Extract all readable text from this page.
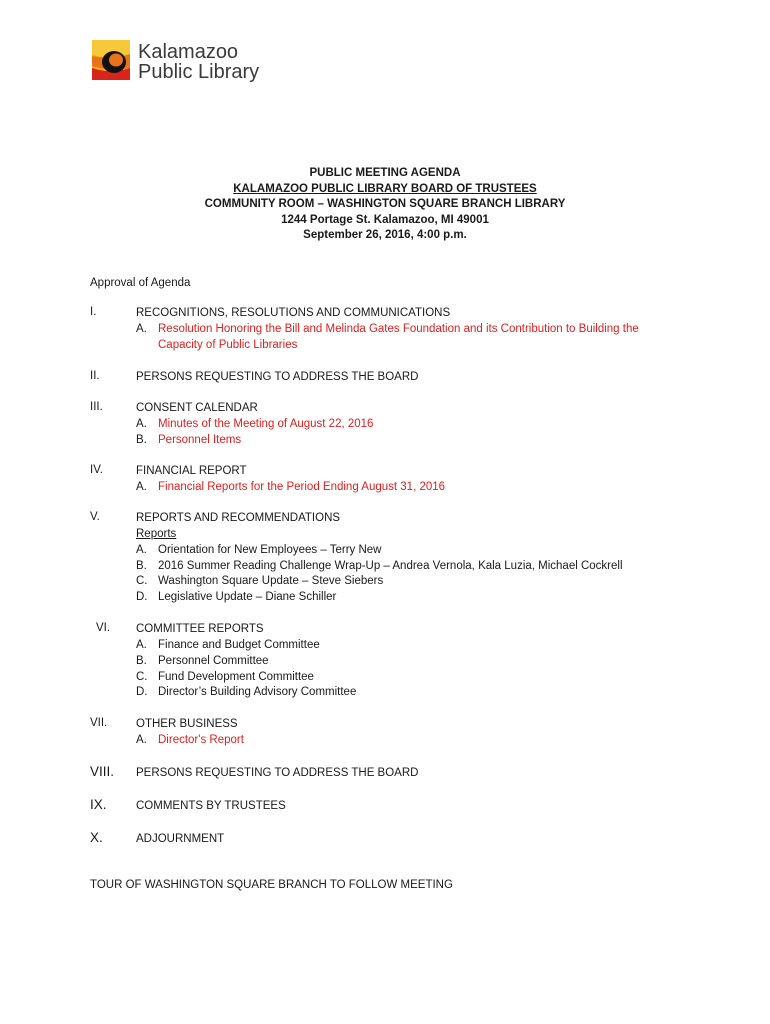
Kalamazoo
Public Library
PUBLIC MEETING AGENDA
KALAMAZOO PUBLIC LIBRARY BOARD OF TRUSTEES
COMMUNITY ROOM – WASHINGTON SQUARE BRANCH LIBRARY
1244 Portage St. Kalamazoo, MI 49001
September 26, 2016, 4:00 p.m.
Approval of Agenda
I.	RECOGNITIONS, RESOLUTIONS AND COMMUNICATIONS
A. Resolution Honoring the Bill and Melinda Gates Foundation and its Contribution to Building the
Capacity of Public Libraries
II.	PERSONS REQUESTING TO ADDRESS THE BOARD
III.	CONSENT CALENDAR
A. Minutes of the Meeting of August 22, 2016
B. Personnel Items
IV.	FINANCIAL REPORT
A. Financial Reports for the Period Ending August 31, 2016
V.	REPORTS AND RECOMMENDATIONS
Reports
A. Orientation for New Employees – Terry New
B. 2016 Summer Reading Challenge Wrap-Up – Andrea Vernola, Kala Luzia, Michael Cockrell
C. Washington Square Update – Steve Siebers
D. Legislative Update – Diane Schiller
VI. COMMITTEE REPORTS
A. Finance and Budget Committee
B. Personnel Committee
C. Fund Development Committee
D. Director’s Building Advisory Committee
VII. OTHER BUSINESS
A. Director's Report
VIII. PERSONS REQUESTING TO ADDRESS THE BOARD
IX.	COMMENTS BY TRUSTEES
X.	ADJOURNMENT
TOUR OF WASHINGTON SQUARE BRANCH TO FOLLOW MEETING
